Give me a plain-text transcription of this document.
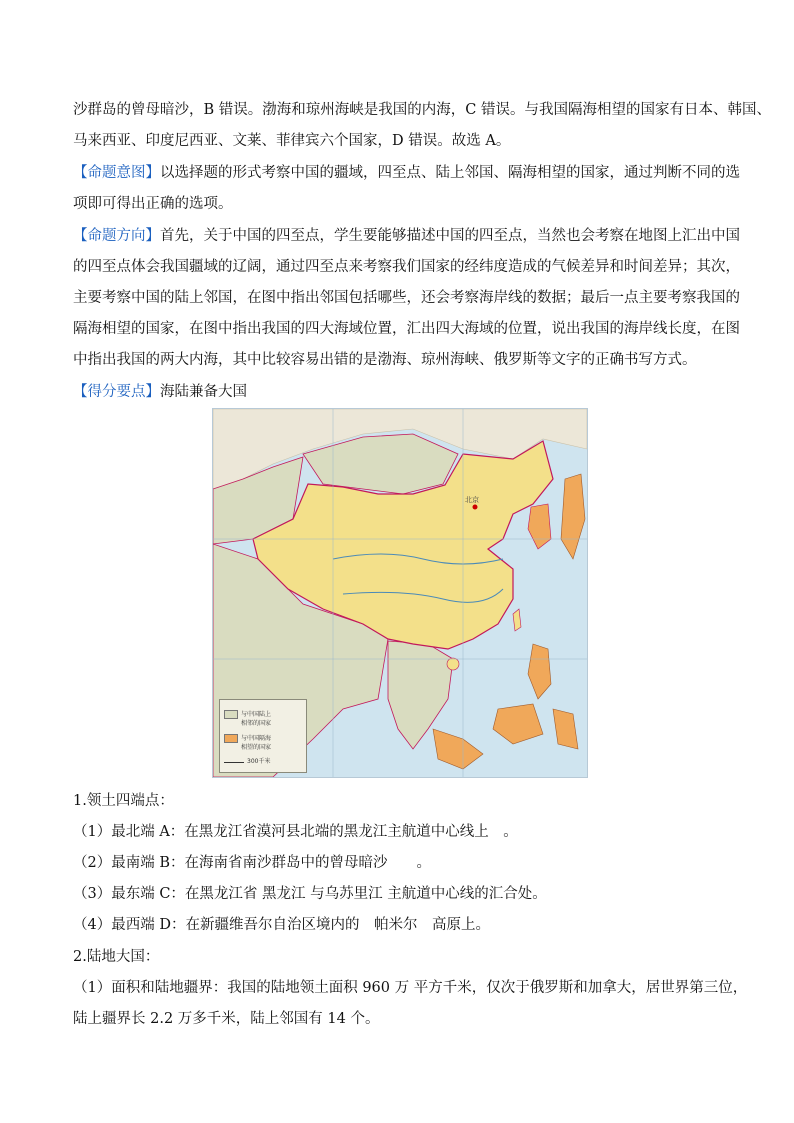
沙群岛的曾母暗沙，B 错误。渤海和琼州海峡是我国的内海，C 错误。与我国隔海相望的国家有日本、韩国、
马来西亚、印度尼西亚、文莱、菲律宾六个国家，D 错误。故选 A。
【命题意图】以选择题的形式考察中国的疆域，四至点、陆上邻国、隔海相望的国家，通过判断不同的选
项即可得出正确的选项。
【命题方向】首先，关于中国的四至点，学生要能够描述中国的四至点，当然也会考察在地图上汇出中国
的四至点体会我国疆域的辽阔，通过四至点来考察我们国家的经纬度造成的气候差异和时间差异；其次，
主要考察中国的陆上邻国，在图中指出邻国包括哪些，还会考察海岸线的数据；最后一点主要考察我国的
隔海相望的国家，在图中指出我国的四大海域位置，汇出四大海域的位置，说出我国的海岸线长度，在图
中指出我国的两大内海，其中比较容易出错的是渤海、琼州海峡、俄罗斯等文字的正确书写方式。
【得分要点】海陆兼备大国
北京
与中国陆上
相邻的国家
与中国隔海
相望的国家
300千米
1.领土四端点：
（1）最北端 A：在黑龙江省漠河县北端的黑龙江主航道中心线上　。
（2）最南端 B：在海南省南沙群岛中的曾母暗沙　　。
（3）最东端 C：在黑龙江省 黑龙江 与乌苏里江 主航道中心线的汇合处。
（4）最西端 D：在新疆维吾尔自治区境内的　帕米尔　高原上。
2.陆地大国：
（1）面积和陆地疆界：我国的陆地领土面积 960 万 平方千米，仅次于俄罗斯和加拿大，居世界第三位，
陆上疆界长 2.2 万多千米，陆上邻国有 14 个。
